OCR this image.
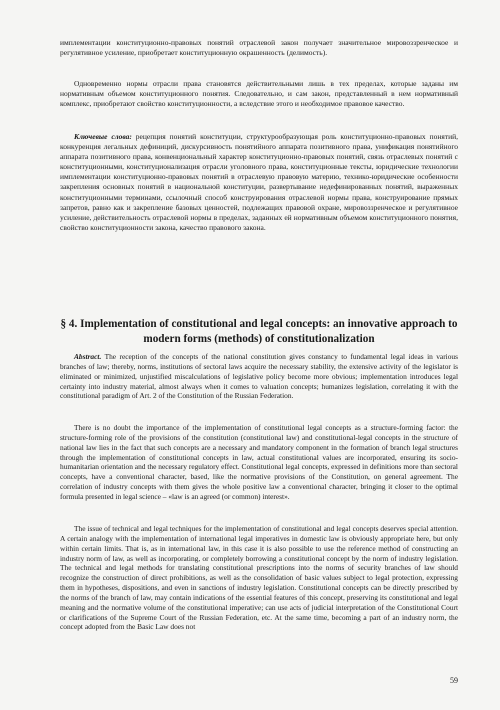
имплементации конституционно-правовых понятий отраслевой закон получает значительное мировоззренческое и регулятивное усиление, приобретает конституционную окрашенность (делимость).

Одновременно нормы отрасли права становятся действительными лишь в тех пределах, которые заданы им нормативным объемом конституционного понятия. Следовательно, и сам закон, представленный в нем нормативный комплекс, приобретают свойство конституционности, а вследствие этого и необходимое правовое качество.

Ключевые слова: рецепция понятий конституции, структурообразующая роль конституционно-правовых понятий, конкуренция легальных дефиниций, дискурсивность понятийного аппарата позитивного права, унификация понятийного аппарата позитивного права, конвенциональный характер конституционно-правовых понятий, связь отраслевых понятий с конституционными, конституционализация отрасли уголовного права, конституционные тексты, юридические технологии имплементации конституционно-правовых понятий в отраслевую правовую материю, технико-юридические особенности закрепления основных понятий в национальной конституции, развертывание недефинированных понятий, выраженных конституционными терминами, ссылочный способ конструирования отраслевой нормы права, конструирование прямых запретов, равно как и закрепление базовых ценностей, подлежащих правовой охране, мировоззренческое и регулятивное усиление, действительность отраслевой нормы в пределах, заданных ей нормативным объемом конституционного понятия, свойство конституционности закона, качество правового закона.

§ 4. Implementation of constitutional and legal concepts: an innovative approach to modern forms (methods) of constitutionalization

Abstract. The reception of the concepts of the national constitution gives constancy to fundamental legal ideas in various branches of law; thereby, norms, institutions of sectoral laws acquire the necessary stability, the extensive activity of the legislator is eliminated or minimized, unjustified miscalculations of legislative policy become more obvious; implementation introduces legal certainty into industry material, almost always when it comes to valuation concepts; humanizes legislation, correlating it with the constitutional paradigm of Art. 2 of the Constitution of the Russian Federation.

There is no doubt the importance of the implementation of constitutional legal concepts as a structure-forming factor: the structure-forming role of the provisions of the constitution (constitutional law) and constitutional-legal concepts in the structure of national law lies in the fact that such concepts are a necessary and mandatory component in the formation of branch legal structures through the implementation of constitutional concepts in law, actual constitutional values are incorporated, ensuring its socio-humanitarian orientation and the necessary regulatory effect. Constitutional legal concepts, expressed in definitions more than sectoral concepts, have a conventional character, based, like the normative provisions of the Constitution, on general agreement. The correlation of industry concepts with them gives the whole positive law a conventional character, bringing it closer to the optimal formula presented in legal science – «law is an agreed (or common) interest».

The issue of technical and legal techniques for the implementation of constitutional and legal concepts deserves special attention. A certain analogy with the implementation of international legal imperatives in domestic law is obviously appropriate here, but only within certain limits. That is, as in international law, in this case it is also possible to use the reference method of constructing an industry norm of law, as well as incorporating, or completely borrowing a constitutional concept by the norm of industry legislation. The technical and legal methods for translating constitutional prescriptions into the norms of security branches of law should recognize the construction of direct prohibitions, as well as the consolidation of basic values subject to legal protection, expressing them in hypotheses, dispositions, and even in sanctions of industry legislation. Constitutional concepts can be directly prescribed by the norms of the branch of law, may contain indications of the essential features of this concept, preserving its constitutional and legal meaning and the normative volume of the constitutional imperative; can use acts of judicial interpretation of the Constitutional Court or clarifications of the Supreme Court of the Russian Federation, etc. At the same time, becoming a part of an industry norm, the concept adopted from the Basic Law does not

59
